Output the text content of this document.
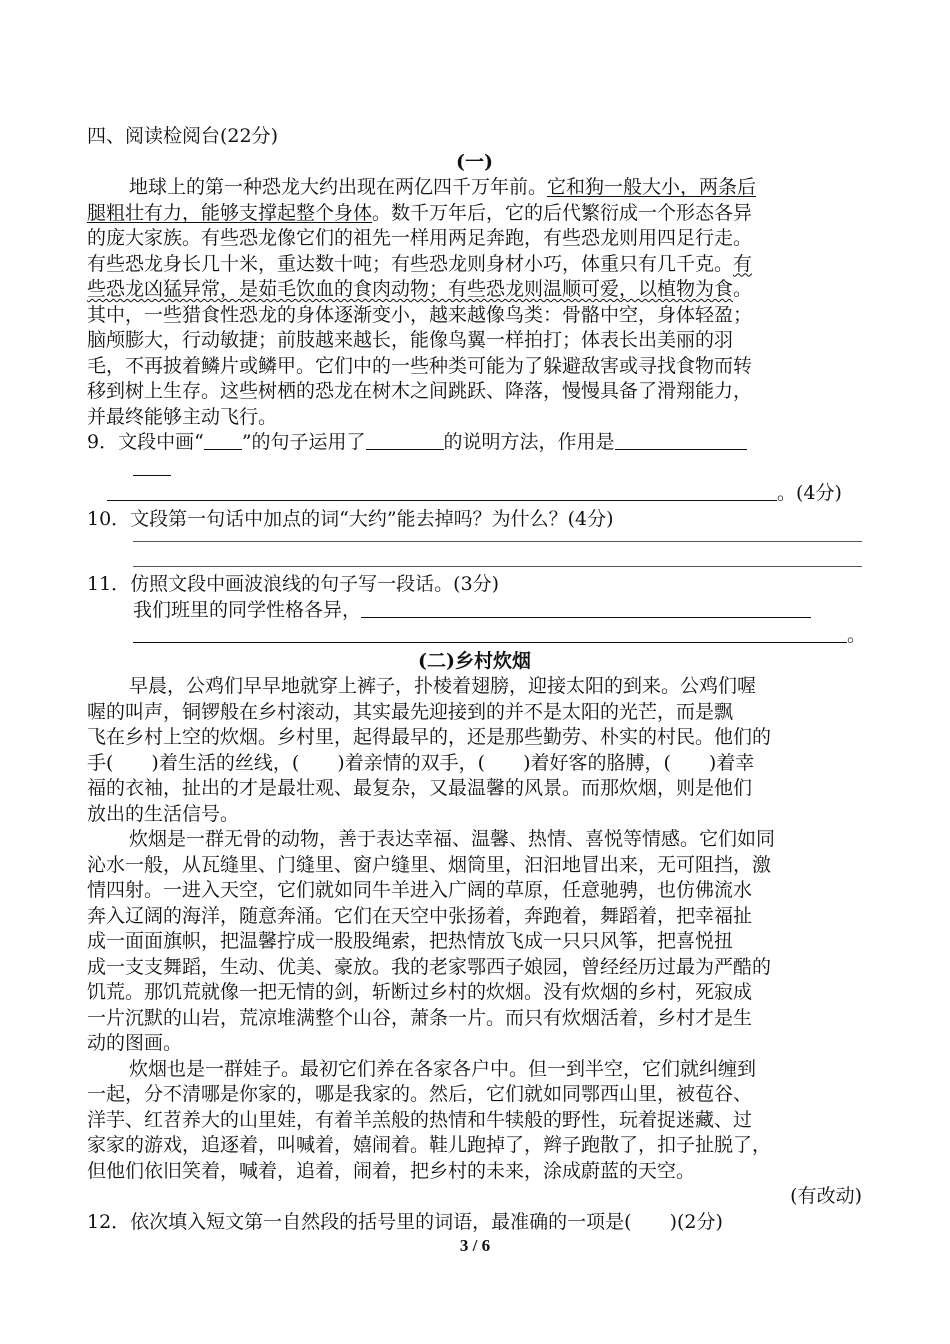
四、阅读检阅台(22分)
(一)
地球上的第一种恐龙大约出现在两亿四千万年前。它和狗一般大小，两条后
腿粗壮有力，能够支撑起整个身体。数千万年后，它的后代繁衍成一个形态各异
的庞大家族。有些恐龙像它们的祖先一样用两足奔跑，有些恐龙则用四足行走。
有些恐龙身长几十米，重达数十吨；有些恐龙则身材小巧，体重只有几千克。有
些恐龙凶猛异常，是茹毛饮血的食肉动物；有些恐龙则温顺可爱，以植物为食。
其中，一些猎食性恐龙的身体逐渐变小，越来越像鸟类：骨骼中空，身体轻盈；
脑颅膨大，行动敏捷；前肢越来越长，能像鸟翼一样拍打；体表长出美丽的羽
毛，不再披着鳞片或鳞甲。它们中的一些种类可能为了躲避敌害或寻找食物而转
移到树上生存。这些树栖的恐龙在树木之间跳跃、降落，慢慢具备了滑翔能力，
并最终能够主动飞行。
9．文段中画“ ”的句子运用了	的说明方法，作用是
。(4分)
10．文段第一句话中加点的词“大约”能去掉吗？为什么？(4分)
11．仿照文段中画波浪线的句子写一段话。(3分)
我们班里的同学性格各异，
。
(二)乡村炊烟
早晨，公鸡们早早地就穿上裤子，扑棱着翅膀，迎接太阳的到来。公鸡们喔
喔的叫声，铜锣般在乡村滚动，其实最先迎接到的并不是太阳的光芒，而是飘
飞在乡村上空的炊烟。乡村里，起得最早的，还是那些勤劳、朴实的村民。他们的
手(　　)着生活的丝线，(　　)着亲情的双手，(　　)着好客的胳膊，(　　)着幸
福的衣袖，扯出的才是最壮观、最复杂，又最温馨的风景。而那炊烟，则是他们
放出的生活信号。
炊烟是一群无骨的动物，善于表达幸福、温馨、热情、喜悦等情感。它们如同
沁水一般，从瓦缝里、门缝里、窗户缝里、烟筒里，汩汩地冒出来，无可阻挡，激
情四射。一进入天空，它们就如同牛羊进入广阔的草原，任意驰骋，也仿佛流水
奔入辽阔的海洋，随意奔涌。它们在天空中张扬着，奔跑着，舞蹈着，把幸福扯
成一面面旗帜，把温馨拧成一股股绳索，把热情放飞成一只只风筝，把喜悦扭
成一支支舞蹈，生动、优美、豪放。我的老家鄂西子娘园，曾经经历过最为严酷的
饥荒。那饥荒就像一把无情的剑，斩断过乡村的炊烟。没有炊烟的乡村，死寂成
一片沉默的山岩，荒凉堆满整个山谷，萧条一片。而只有炊烟活着，乡村才是生
动的图画。
炊烟也是一群娃子。最初它们养在各家各户中。但一到半空，它们就纠缠到
一起，分不清哪是你家的，哪是我家的。然后，它们就如同鄂西山里，被苞谷、
洋芋、红苕养大的山里娃，有着羊羔般的热情和牛犊般的野性，玩着捉迷藏、过
家家的游戏，追逐着，叫喊着，嬉闹着。鞋儿跑掉了，辫子跑散了，扣子扯脱了，
但他们依旧笑着，喊着，追着，闹着，把乡村的未来，涂成蔚蓝的天空。
(有改动)
12．依次填入短文第一自然段的括号里的词语，最准确的一项是(　　)(2分)
3 / 6
